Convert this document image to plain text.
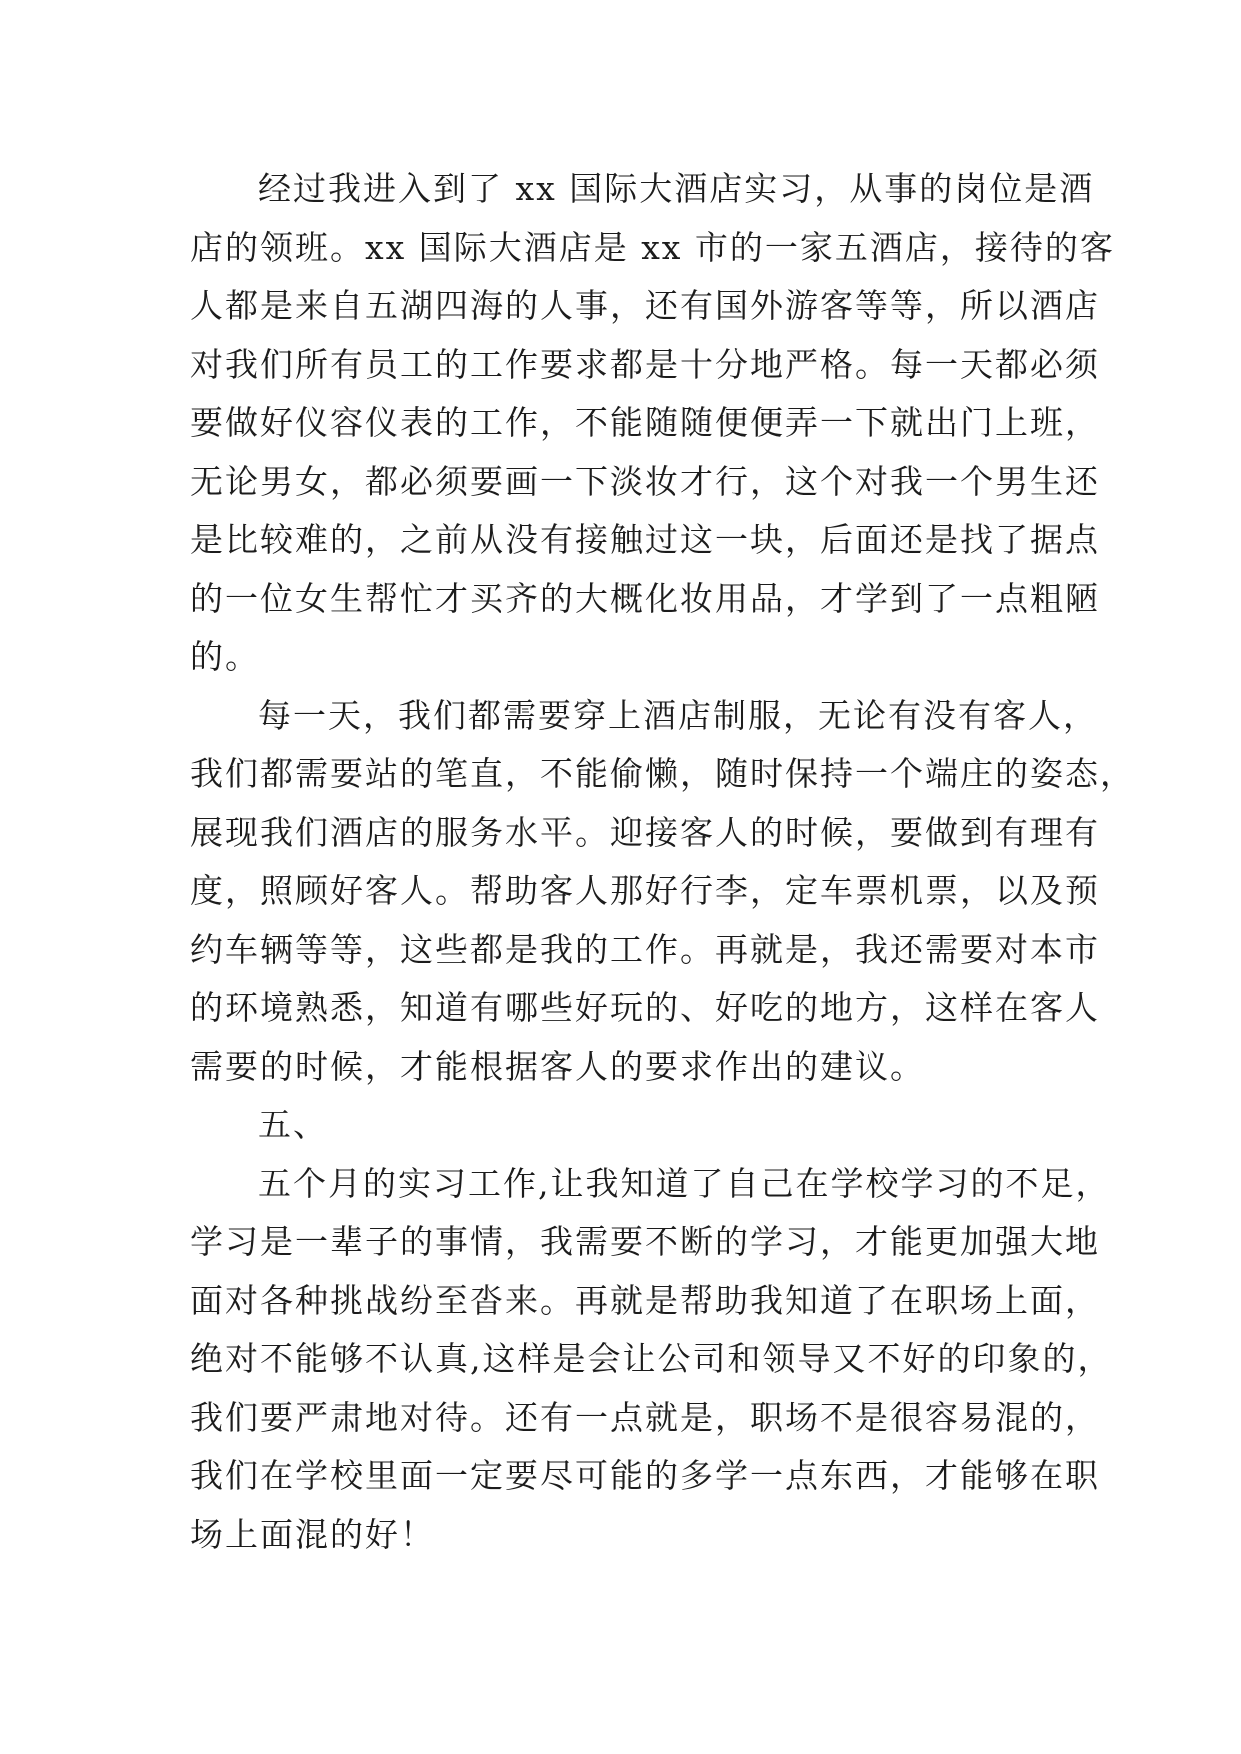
经过我进入到了 xx 国际大酒店实习，从事的岗位是酒
店的领班。xx 国际大酒店是 xx 市的一家五酒店，接待的客
人都是来自五湖四海的人事，还有国外游客等等，所以酒店
对我们所有员工的工作要求都是十分地严格。每一天都必须
要做好仪容仪表的工作，不能随随便便弄一下就出门上班，
无论男女，都必须要画一下淡妆才行，这个对我一个男生还
是比较难的，之前从没有接触过这一块，后面还是找了据点
的一位女生帮忙才买齐的大概化妆用品，才学到了一点粗陋
的。
每一天，我们都需要穿上酒店制服，无论有没有客人，
我们都需要站的笔直，不能偷懒，随时保持一个端庄的姿态，
展现我们酒店的服务水平。迎接客人的时候，要做到有理有
度，照顾好客人。帮助客人那好行李，定车票机票，以及预
约车辆等等，这些都是我的工作。再就是，我还需要对本市
的环境熟悉，知道有哪些好玩的、好吃的地方，这样在客人
需要的时候，才能根据客人的要求作出的建议。
五、
五个月的实习工作,让我知道了自己在学校学习的不足，
学习是一辈子的事情，我需要不断的学习，才能更加强大地
面对各种挑战纷至沓来。再就是帮助我知道了在职场上面，
绝对不能够不认真,这样是会让公司和领导又不好的印象的，
我们要严肃地对待。还有一点就是，职场不是很容易混的，
我们在学校里面一定要尽可能的多学一点东西，才能够在职
场上面混的好！
